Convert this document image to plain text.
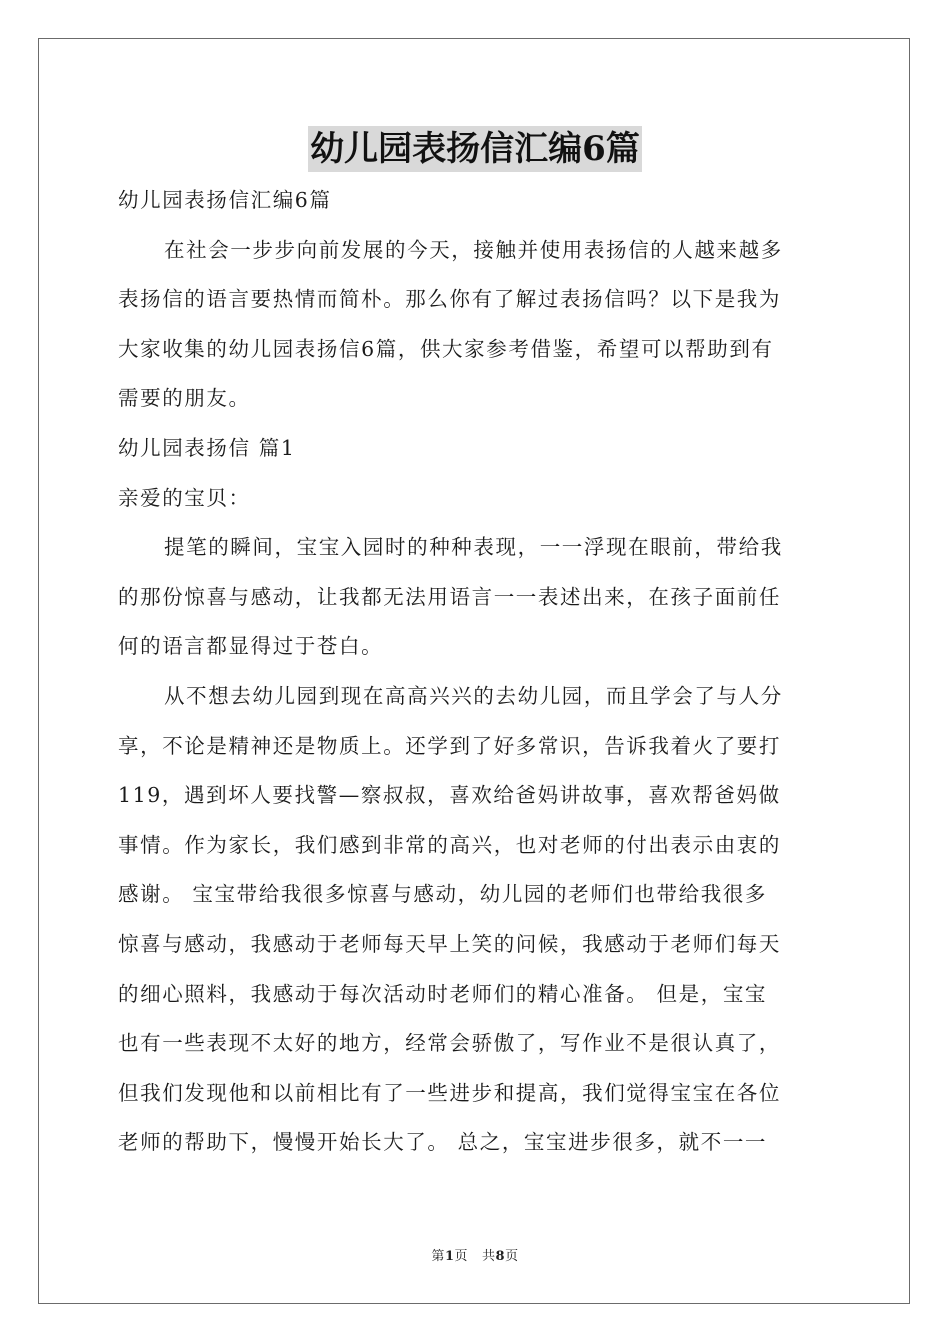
幼儿园表扬信汇编6篇
幼儿园表扬信汇编6篇
在社会一步步向前发展的今天，接触并使用表扬信的人越来越多
表扬信的语言要热情而简朴。那么你有了解过表扬信吗？以下是我为
大家收集的幼儿园表扬信6篇，供大家参考借鉴，希望可以帮助到有
需要的朋友。
幼儿园表扬信 篇1
亲爱的宝贝：
提笔的瞬间，宝宝入园时的种种表现，一一浮现在眼前，带给我
的那份惊喜与感动，让我都无法用语言一一表述出来，在孩子面前任
何的语言都显得过于苍白。
从不想去幼儿园到现在高高兴兴的去幼儿园，而且学会了与人分
享，不论是精神还是物质上。还学到了好多常识，告诉我着火了要打
119，遇到坏人要找警—察叔叔，喜欢给爸妈讲故事，喜欢帮爸妈做
事情。作为家长，我们感到非常的高兴，也对老师的付出表示由衷的
感谢。 宝宝带给我很多惊喜与感动，幼儿园的老师们也带给我很多
惊喜与感动，我感动于老师每天早上笑的问候，我感动于老师们每天
的细心照料，我感动于每次活动时老师们的精心准备。 但是，宝宝
也有一些表现不太好的地方，经常会骄傲了，写作业不是很认真了，
但我们发现他和以前相比有了一些进步和提高，我们觉得宝宝在各位
老师的帮助下，慢慢开始长大了。 总之，宝宝进步很多，就不一一
第1页 共8页
